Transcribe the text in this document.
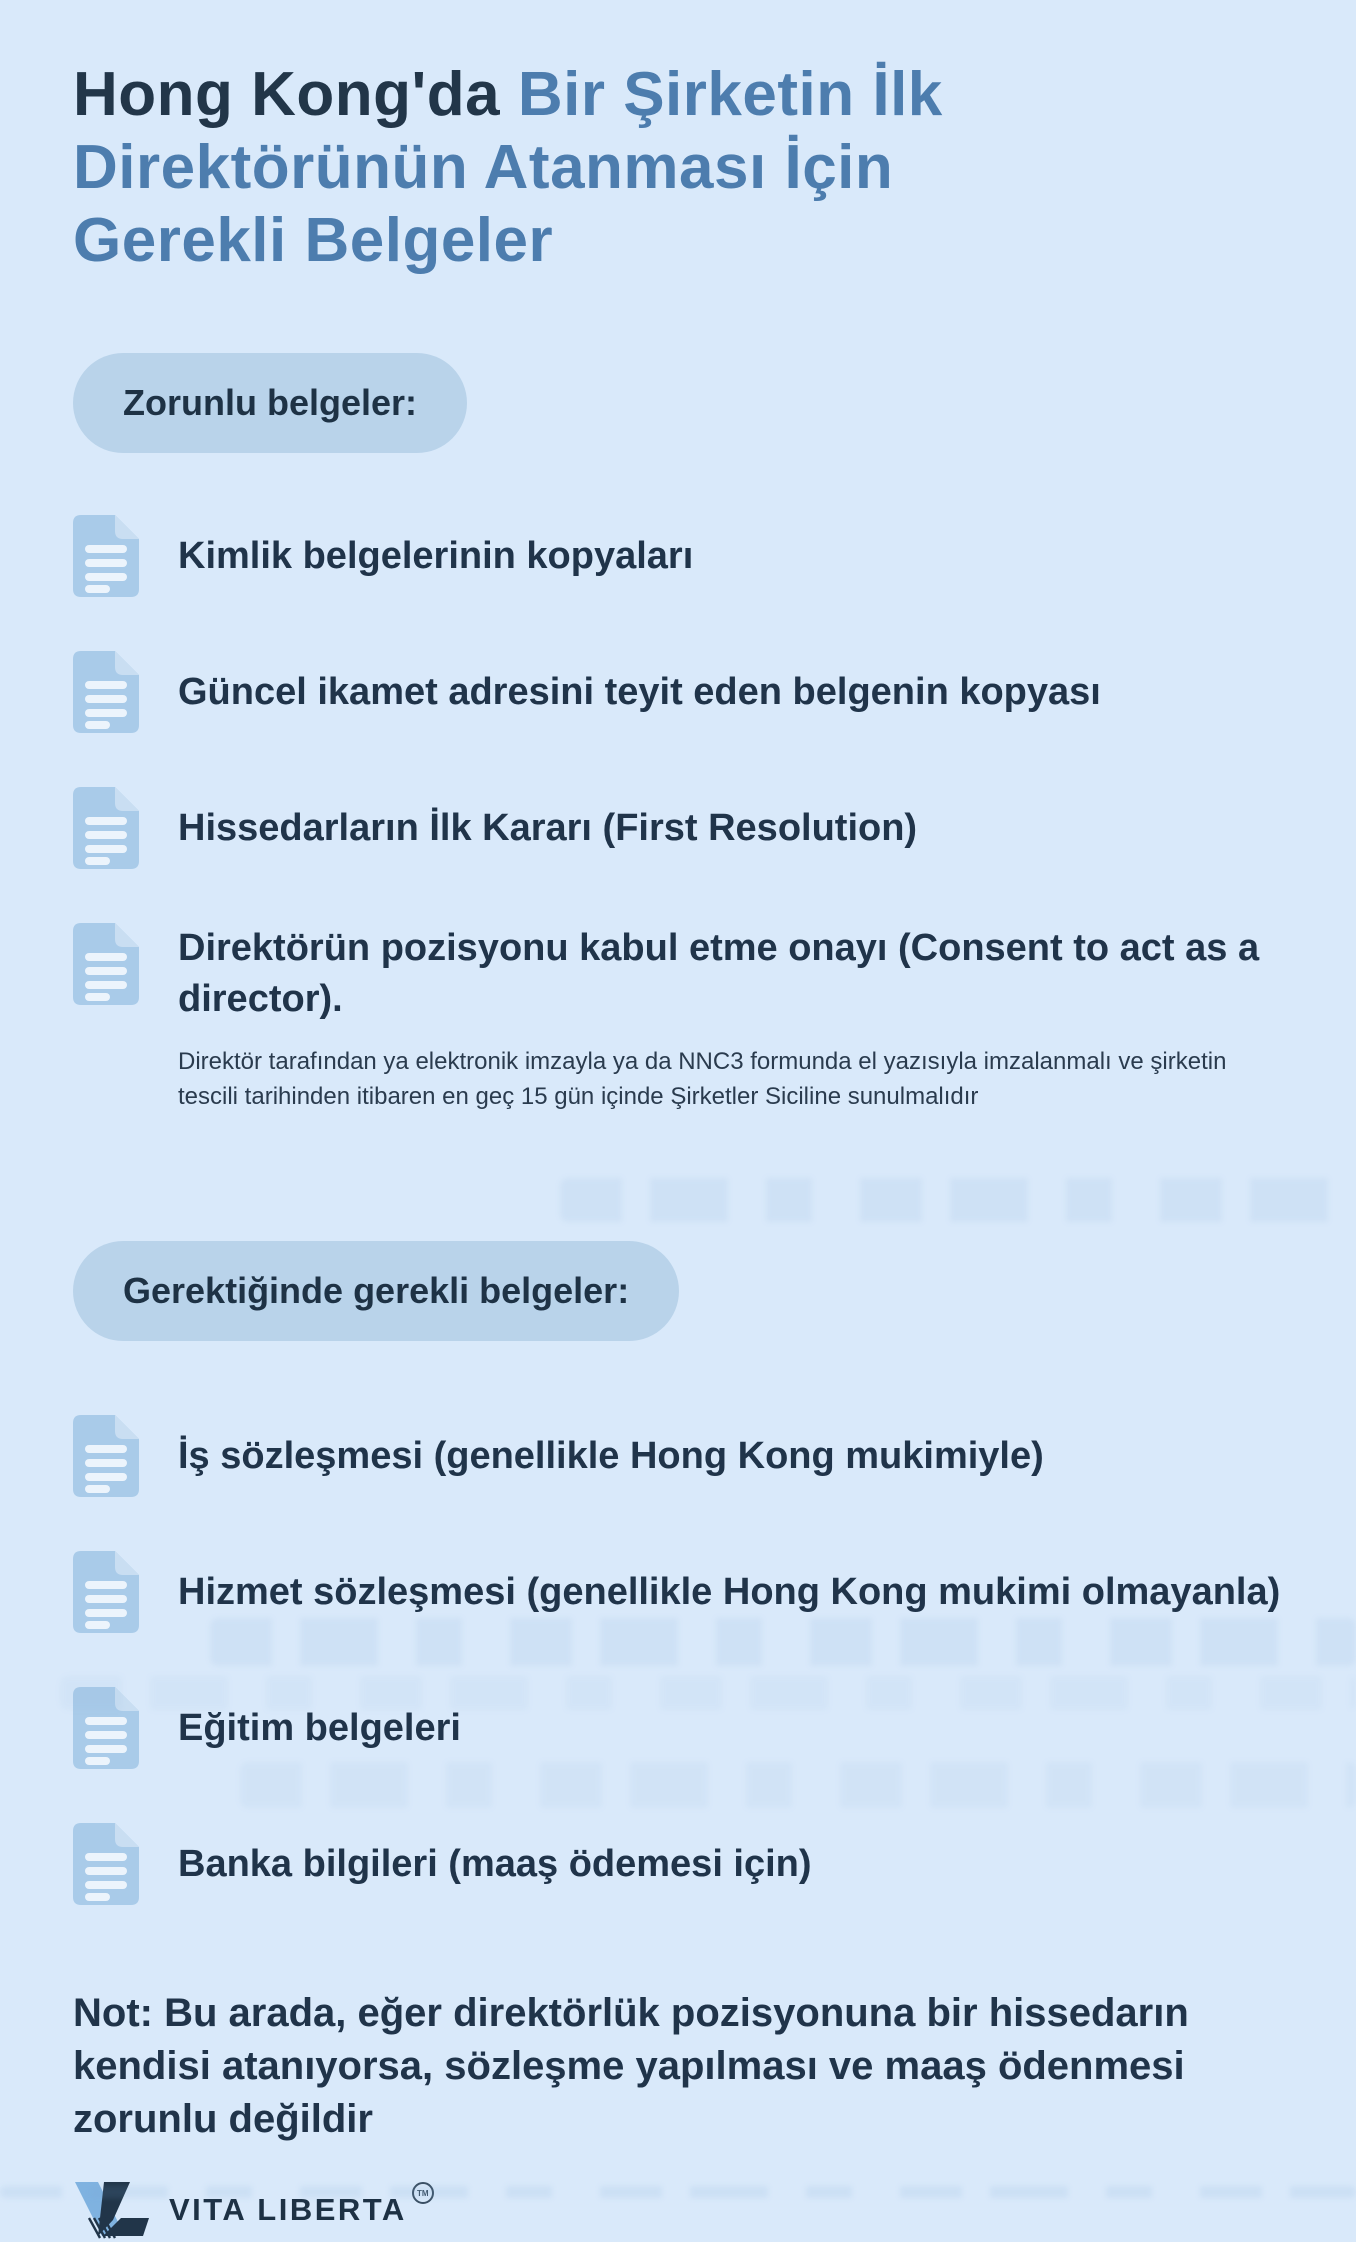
Hong Kong'da Bir Şirketin İlk Direktörünün Atanması İçin Gerekli Belgeler
Zorunlu belgeler:
Kimlik belgelerinin kopyaları
Güncel ikamet adresini teyit eden belgenin kopyası
Hissedarların İlk Kararı (First Resolution)
Direktörün pozisyonu kabul etme onayı (Consent to act as a director).

Direktör tarafından ya elektronik imzayla ya da NNC3 formunda el yazısıyla imzalanmalı ve şirketin tescili tarihinden itibaren en geç 15 gün içinde Şirketler Siciline sunulmalıdır

Gerektiğinde gerekli belgeler:
İş sözleşmesi (genellikle Hong Kong mukimiyle)
Hizmet sözleşmesi (genellikle Hong Kong mukimi olmayanla)
Eğitim belgeleri
Banka bilgileri (maaş ödemesi için)

Not: Bu arada, eğer direktörlük pozisyonuna bir hissedarın kendisi atanıyorsa, sözleşme yapılması ve maaş ödenmesi zorunlu değildir

VITA LIBERTA	TM
